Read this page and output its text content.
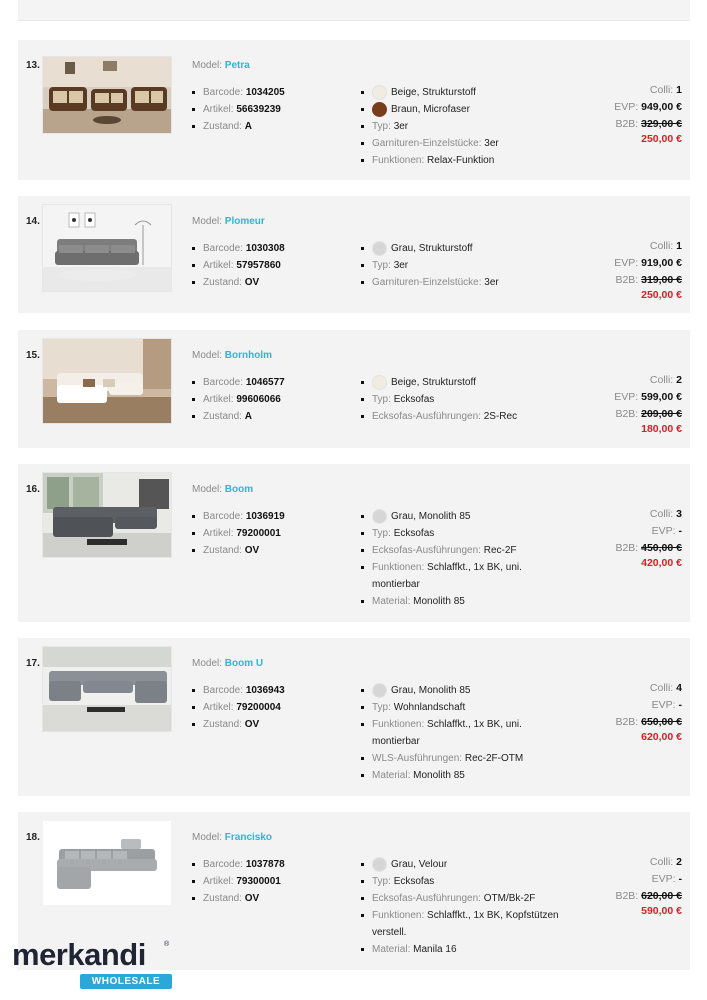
13.	Model: Petra
Barcode: 1034205
Artikel: 56639239
Zustand: A
Beige, Strukturstoff
Braun, Microfaser
Typ: 3er
Garnituren-Einzelstücke: 3er
Funktionen: Relax-Funktion
Colli: 1
EVP: 949,00 €
B2B: 329,00 €
250,00 €
14.	Model: Plomeur
Barcode: 1030308
Artikel: 57957860
Zustand: OV
Grau, Strukturstoff
Typ: 3er
Garnituren-Einzelstücke: 3er
Colli: 1
EVP: 919,00 €
B2B: 319,00 €
250,00 €
15.	Model: Bornholm
Barcode: 1046577
Artikel: 99606066
Zustand: A
Beige, Strukturstoff
Typ: Ecksofas
Ecksofas-Ausführungen: 2S-Rec
Colli: 2
EVP: 599,00 €
B2B: 209,00 €
180,00 €
16.	Model: Boom
Barcode: 1036919
Artikel: 79200001
Zustand: OV
Grau, Monolith 85
Typ: Ecksofas
Ecksofas-Ausführungen: Rec-2F
Funktionen: Schlaffkt., 1x BK, uni.
montierbar
Material: Monolith 85
Colli: 3
EVP: -
B2B: 450,00 €
420,00 €
17.	Model: Boom U
Barcode: 1036943
Artikel: 79200004
Zustand: OV
Grau, Monolith 85
Typ: Wohnlandschaft
Funktionen: Schlaffkt., 1x BK, uni.
montierbar
WLS-Ausführungen: Rec-2F-OTM
Material: Monolith 85
Colli: 4
EVP: -
B2B: 650,00 €
620,00 €
18.	Model: Francisko
Barcode: 1037878
Artikel: 79300001
Zustand: OV
Grau, Velour
Typ: Ecksofas
Ecksofas-Ausführungen: OTM/Bk-2F
Funktionen: Schlaffkt., 1x BK, Kopfstützen
verstell.
Material: Manila 16
Colli: 2
EVP: -
B2B: 620,00 €
590,00 €
merkandi	®
WHOLESALE
